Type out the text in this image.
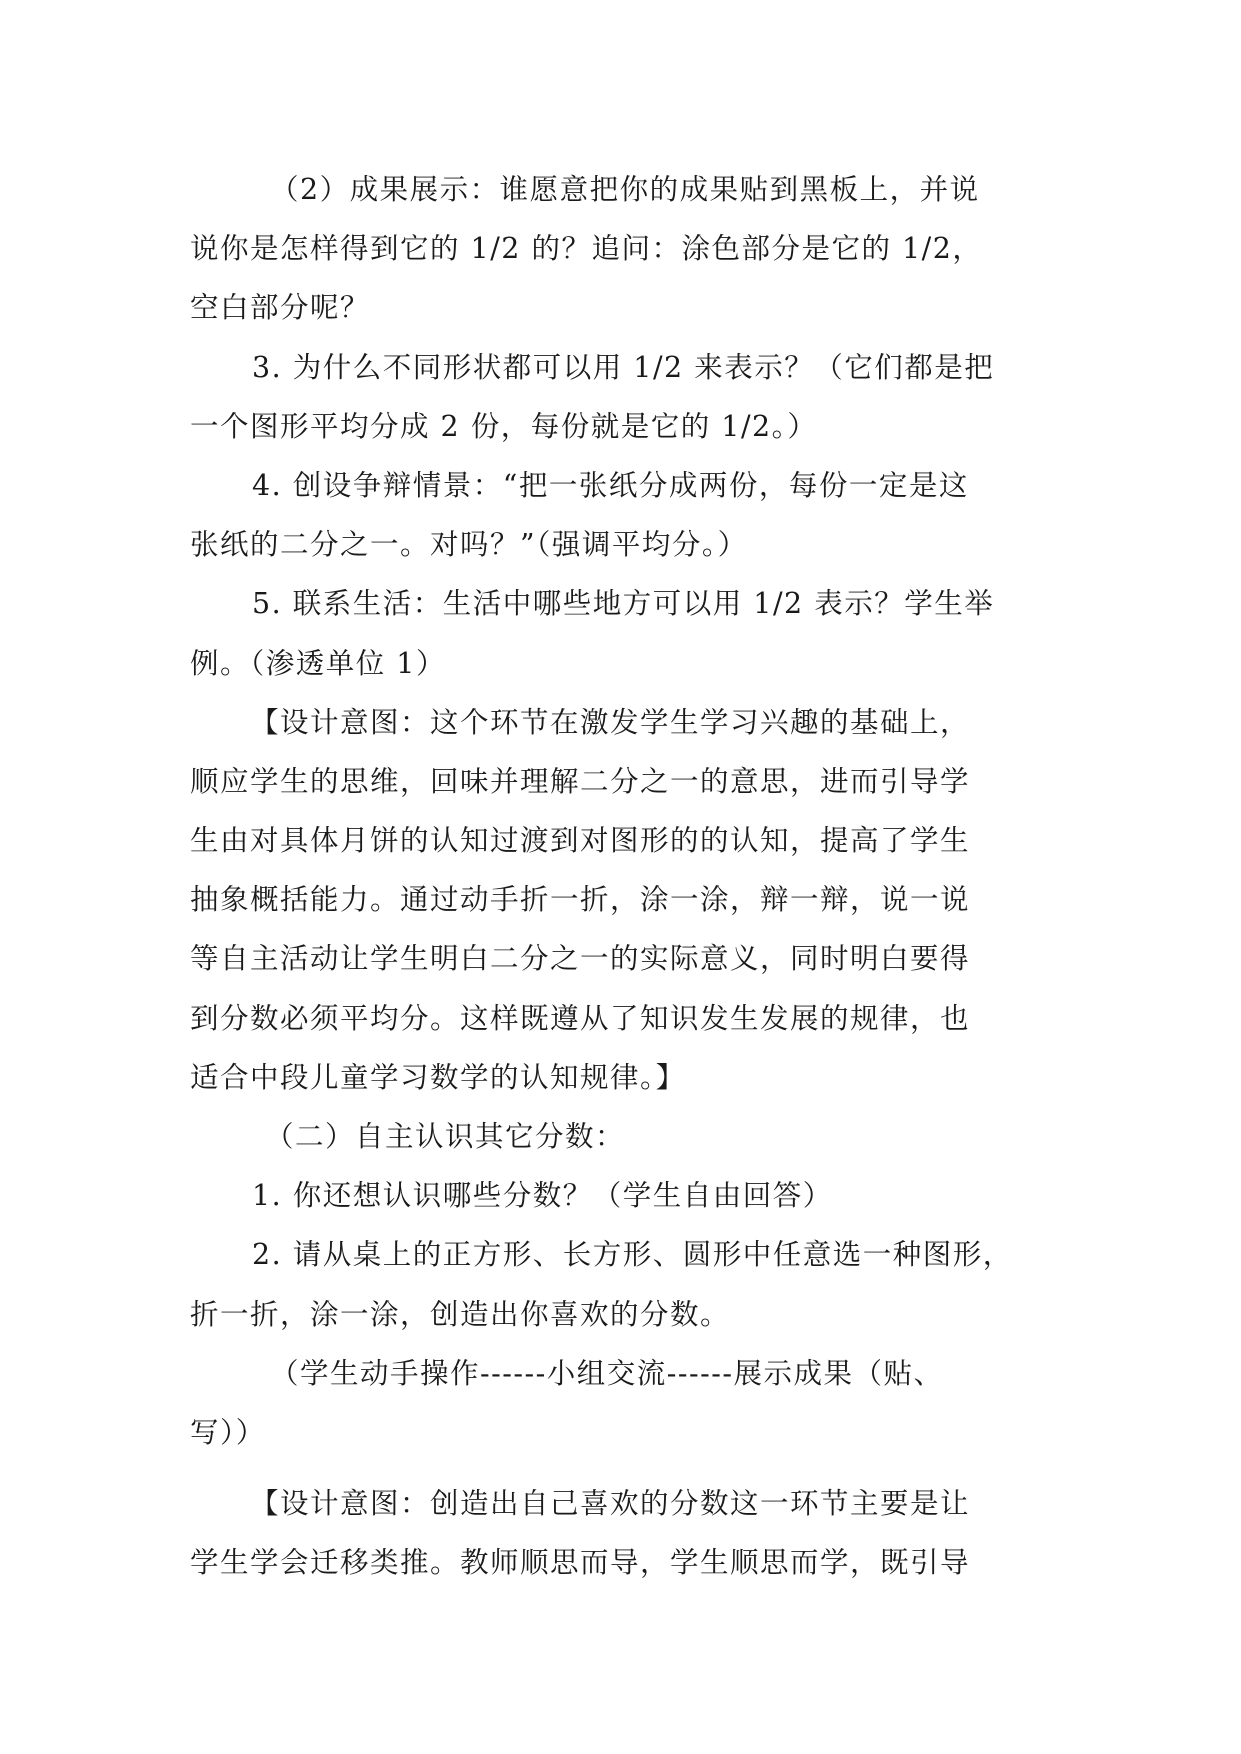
（2）成果展示：谁愿意把你的成果贴到黑板上，并说
说你是怎样得到它的 1/2 的？追问：涂色部分是它的 1/2，
空白部分呢？
3. 为什么不同形状都可以用 1/2 来表示？（它们都是把
一个图形平均分成 2 份，每份就是它的 1/2。）
4. 创设争辩情景：“把一张纸分成两份，每份一定是这
张纸的二分之一。对吗？”（强调平均分。）
5. 联系生活：生活中哪些地方可以用 1/2 表示？学生举
例。（渗透单位 1）
【设计意图：这个环节在激发学生学习兴趣的基础上，
顺应学生的思维，回味并理解二分之一的意思，进而引导学
生由对具体月饼的认知过渡到对图形的的认知，提高了学生
抽象概括能力。通过动手折一折，涂一涂，辩一辩，说一说
等自主活动让学生明白二分之一的实际意义，同时明白要得
到分数必须平均分。这样既遵从了知识发生发展的规律，也
适合中段儿童学习数学的认知规律。】
（二）自主认识其它分数：
1. 你还想认识哪些分数？（学生自由回答）
2. 请从桌上的正方形、长方形、圆形中任意选一种图形，
折一折，涂一涂，创造出你喜欢的分数。
（学生动手操作------小组交流------展示成果（贴、
写））
【设计意图：创造出自己喜欢的分数这一环节主要是让
学生学会迁移类推。教师顺思而导，学生顺思而学，既引导
